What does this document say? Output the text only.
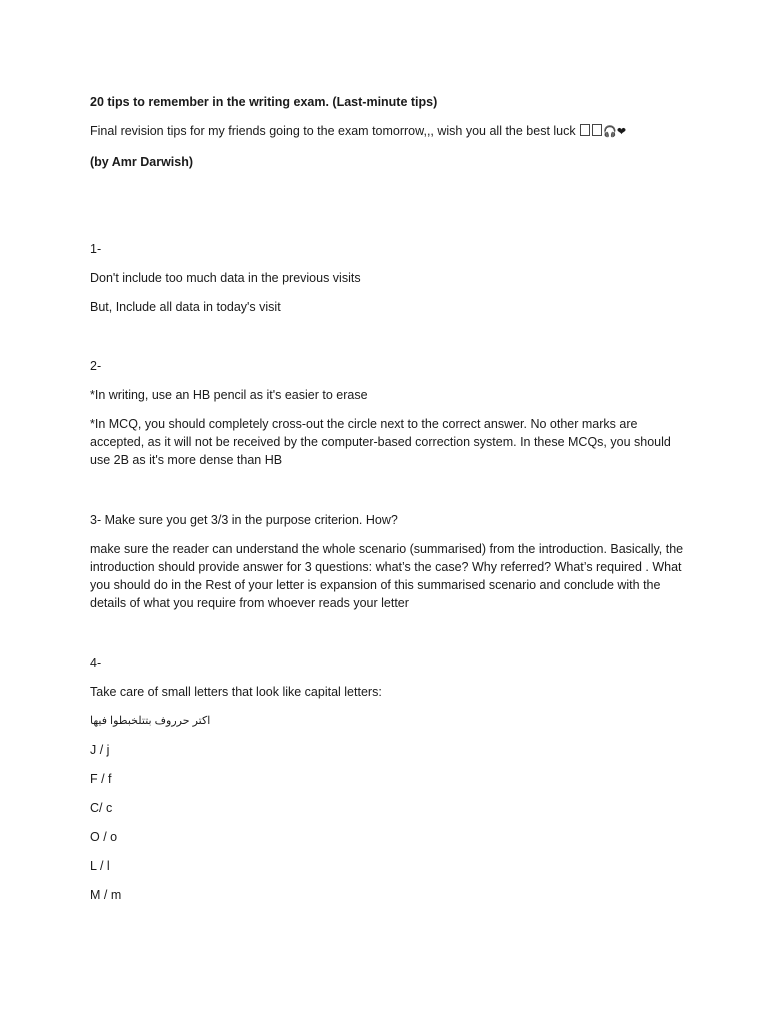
20 tips to remember in the writing exam. (Last-minute tips)
Final revision tips for my friends going to the exam tomorrow,,, wish you all the best luck 🎧❤
(by Amr Darwish)
1-
Don't include too much data in the previous visits
But, Include all data in today's visit
2-
*In writing, use an HB pencil as it's easier to erase
*In MCQ, you should completely cross-out the circle next to the correct answer. No other marks are accepted, as it will not be received by the computer-based correction system. In these MCQs, you should use 2B as it's more dense than HB
3- Make sure you get 3/3 in the purpose criterion. How?
make sure the reader can understand the whole scenario (summarised) from the introduction. Basically, the introduction should provide answer for 3 questions: what’s the case? Why referred? What’s required . What you should do in the Rest of your letter is expansion of this summarised scenario and conclude with the details of what you require from whoever reads your letter
4-
Take care of small letters that look like capital letters:
اكتر حرروف بتتلخبطوا فيها
J / j
F / f
C/ c
O / o
L / l
M / m
